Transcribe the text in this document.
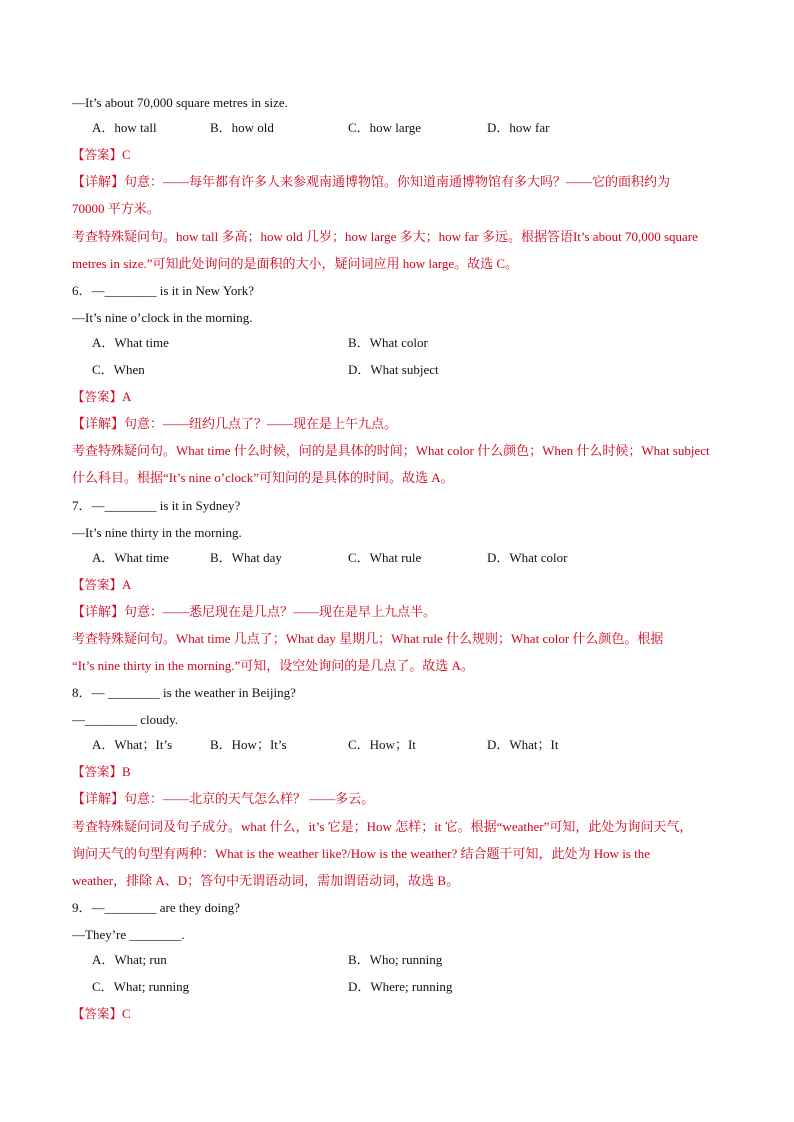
—It’s about 70,000 square metres in size.
A．how tall	B．how old	C．how large	D．how far
【答案】C
【详解】句意：——每年都有许多人来参观南通博物馆。你知道南通博物馆有多大吗？——它的面积约为
70000 平方米。
考查特殊疑问句。how tall 多高；how old 几岁；how large 多大；how far 多远。根据答语It’s about 70,000 square
metres in size.”可知此处询问的是面积的大小，疑问词应用 how large。故选 C。
6．—________ is it in New York?
—It’s nine o’clock in the morning.
A．What time	B．What color
C．When	D．What subject
【答案】A
【详解】句意：——纽约几点了？——现在是上午九点。
考查特殊疑问句。What time 什么时候，问的是具体的时间；What color 什么颜色；When 什么时候；What subject
什么科目。根据“It’s nine o’clock”可知问的是具体的时间。故选 A。
7．—________ is it in Sydney?
—It’s nine thirty in the morning.
A．What time	B．What day	C．What rule	D．What color
【答案】A
【详解】句意：——悉尼现在是几点？——现在是早上九点半。
考查特殊疑问句。What time 几点了；What day 星期几；What rule 什么规则；What color 什么颜色。根据
“It’s nine thirty in the morning.”可知，设空处询问的是几点了。故选 A。
8．— ________ is the weather in Beijing?
—________ cloudy.
A．What；It’s	B．How；It’s	C．How；It	D．What；It
【答案】B
【详解】句意：——北京的天气怎么样？ ——多云。
考查特殊疑问词及句子成分。what 什么，it’s 它是；How 怎样；it 它。根据“weather”可知，此处为询问天气，
询问天气的句型有两种：What is the weather like?/How is the weather? 结合题干可知，此处为 How is the
weather，排除 A、D；答句中无谓语动词，需加谓语动词，故选 B。
9．—________ are they doing?
—They’re ________.
A．What; run	B．Who; running
C．What; running	D．Where; running
【答案】C
